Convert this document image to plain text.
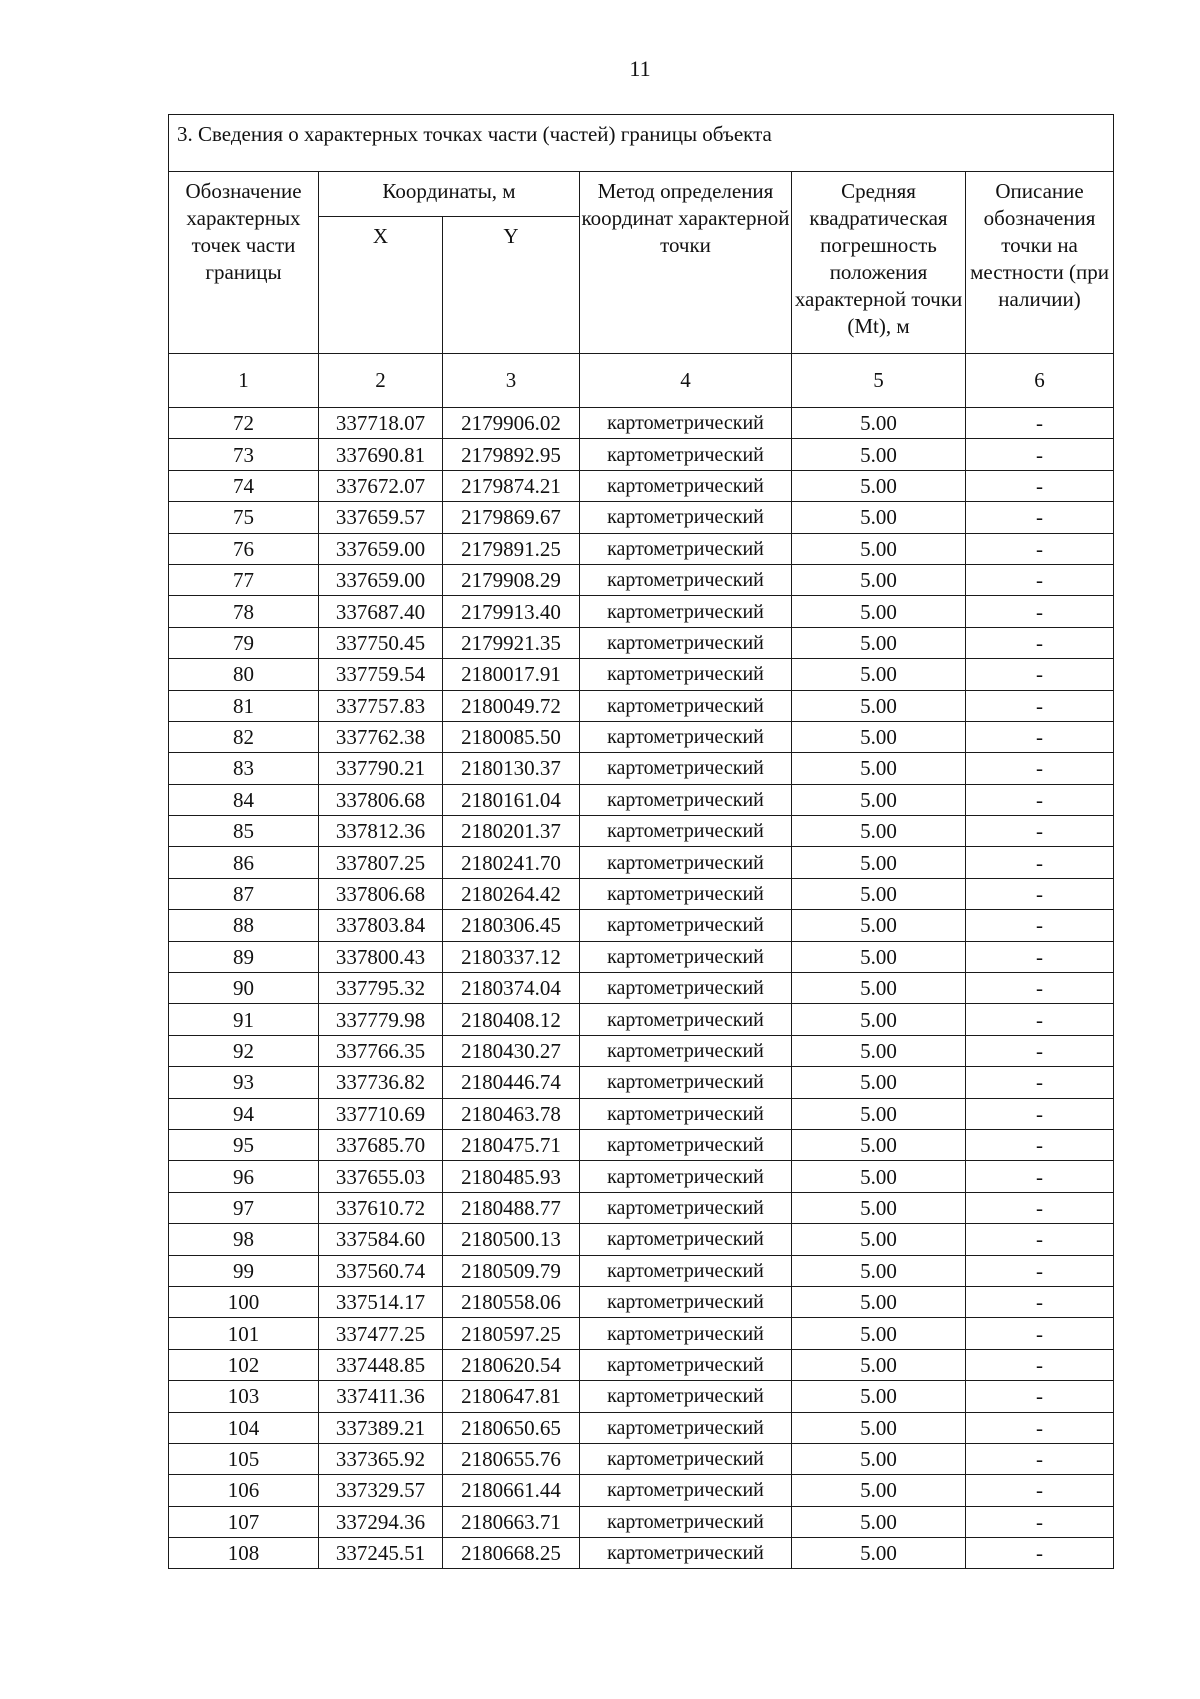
11
3. Сведения о характерных точках части (частей) границы объекта					
Обозначение характерных точек части границы	Координаты, м		Метод определения координат характерной точки	Средняя квадратическая погрешность положения характерной точки (Mt), м	Описание обозначения точки на местности (при наличии)
	X	Y			
1	2	3	4	5	6
72	337718.07	2179906.02	картометрический	5.00	-
73	337690.81	2179892.95	картометрический	5.00	-
74	337672.07	2179874.21	картометрический	5.00	-
75	337659.57	2179869.67	картометрический	5.00	-
76	337659.00	2179891.25	картометрический	5.00	-
77	337659.00	2179908.29	картометрический	5.00	-
78	337687.40	2179913.40	картометрический	5.00	-
79	337750.45	2179921.35	картометрический	5.00	-
80	337759.54	2180017.91	картометрический	5.00	-
81	337757.83	2180049.72	картометрический	5.00	-
82	337762.38	2180085.50	картометрический	5.00	-
83	337790.21	2180130.37	картометрический	5.00	-
84	337806.68	2180161.04	картометрический	5.00	-
85	337812.36	2180201.37	картометрический	5.00	-
86	337807.25	2180241.70	картометрический	5.00	-
87	337806.68	2180264.42	картометрический	5.00	-
88	337803.84	2180306.45	картометрический	5.00	-
89	337800.43	2180337.12	картометрический	5.00	-
90	337795.32	2180374.04	картометрический	5.00	-
91	337779.98	2180408.12	картометрический	5.00	-
92	337766.35	2180430.27	картометрический	5.00	-
93	337736.82	2180446.74	картометрический	5.00	-
94	337710.69	2180463.78	картометрический	5.00	-
95	337685.70	2180475.71	картометрический	5.00	-
96	337655.03	2180485.93	картометрический	5.00	-
97	337610.72	2180488.77	картометрический	5.00	-
98	337584.60	2180500.13	картометрический	5.00	-
99	337560.74	2180509.79	картометрический	5.00	-
100	337514.17	2180558.06	картометрический	5.00	-
101	337477.25	2180597.25	картометрический	5.00	-
102	337448.85	2180620.54	картометрический	5.00	-
103	337411.36	2180647.81	картометрический	5.00	-
104	337389.21	2180650.65	картометрический	5.00	-
105	337365.92	2180655.76	картометрический	5.00	-
106	337329.57	2180661.44	картометрический	5.00	-
107	337294.36	2180663.71	картометрический	5.00	-
108	337245.51	2180668.25	картометрический	5.00	-
